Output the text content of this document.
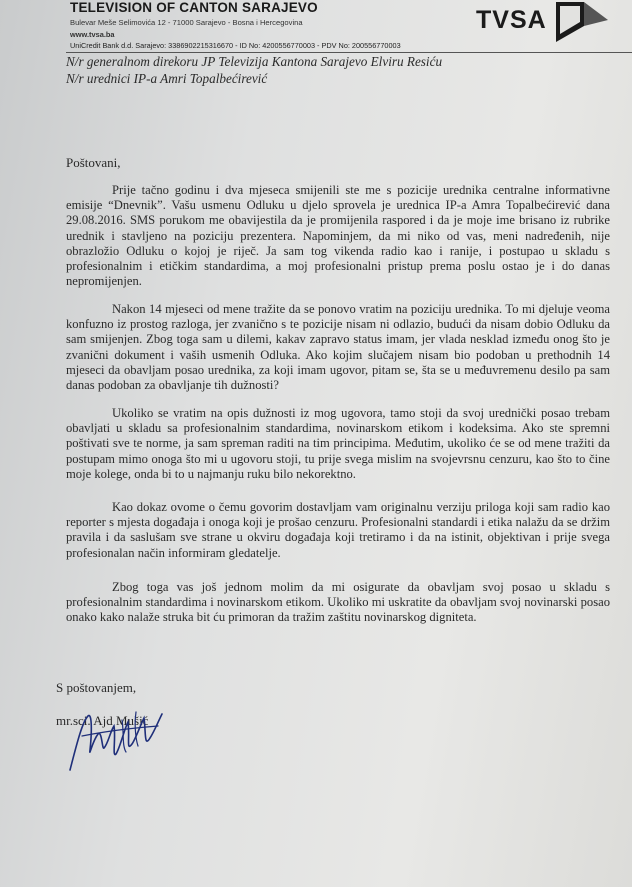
TELEVISION OF CANTON SARAJEVO
Bulevar Meše Selimovića 12 - 71000 Sarajevo - Bosna i Hercegovina
www.tvsa.ba
UniCredit Bank d.d. Sarajevo: 3386902215316670 - ID No: 4200556770003 - PDV No: 200556770003
TVSA
N/r generalnom direkoru JP Televizija Kantona Sarajevo Elviru Resiću
N/r urednici IP-a Amri Topalbećirević
Poštovani,

Prije tačno godinu i dva mjeseca smijenili ste me s pozicije urednika centralne informativne emisije “Dnevnik”. Vašu usmenu Odluku u djelo sprovela je urednica IP-a Amra Topalbećirević dana 29.08.2016. SMS porukom me obavijestila da je promijenila raspored i da je moje ime brisano iz rubrike urednik i stavljeno na poziciju prezentera. Napominjem, da mi niko od vas, meni nadređenih, nije obrazložio Odluku o kojoj je riječ. Ja sam tog vikenda radio kao i ranije, i postupao u skladu s profesionalnim i etičkim standardima, a moj profesionalni pristup prema poslu ostao je i do danas nepromijenjen.

Nakon 14 mjeseci od mene tražite da se ponovo vratim na poziciju urednika. To mi djeluje veoma konfuzno iz prostog razloga, jer zvanično s te pozicije nisam ni odlazio, budući da nisam dobio Odluku da sam smijenjen. Zbog toga sam u dilemi, kakav zapravo status imam, jer vlada nesklad između onog što je zvanični dokument i vaših usmenih Odluka. Ako kojim slučajem nisam bio podoban u prethodnih 14 mjeseci da obavljam posao urednika, za koji imam ugovor, pitam se, šta se u međuvremenu desilo pa sam danas podoban za obavljanje tih dužnosti?

Ukoliko se vratim na opis dužnosti iz mog ugovora, tamo stoji da svoj urednički posao trebam obavljati u skladu sa profesionalnim standardima, novinarskom etikom i kodeksima. Ako ste spremni poštivati sve te norme, ja sam spreman raditi na tim principima. Međutim, ukoliko će se od mene tražiti da postupam mimo onoga što mi u ugovoru stoji, tu prije svega mislim na svojevrsnu cenzuru, kao što to čine moje kolege, onda bi to u najmanju ruku bilo nekorektno.

Kao dokaz ovome o čemu govorim dostavljam vam originalnu verziju priloga koji sam radio kao reporter s mjesta događaja i onoga koji je prošao cenzuru. Profesionalni standardi i etika nalažu da se držim pravila i da saslušam sve strane u okviru događaja koji tretiramo i da na istinit, objektivan i prije svega profesionalan način informiram gledatelje.

Zbog toga vas još jednom molim da mi osigurate da obavljam svoj posao u skladu s profesionalnim standardima i novinarskom etikom. Ukoliko mi uskratite da obavljam svoj novinarski posao onako kako nalaže struka bit ću primoran da tražim zaštitu novinarskog digniteta.

S poštovanjem,
mr.sci. Ajd Mušić
